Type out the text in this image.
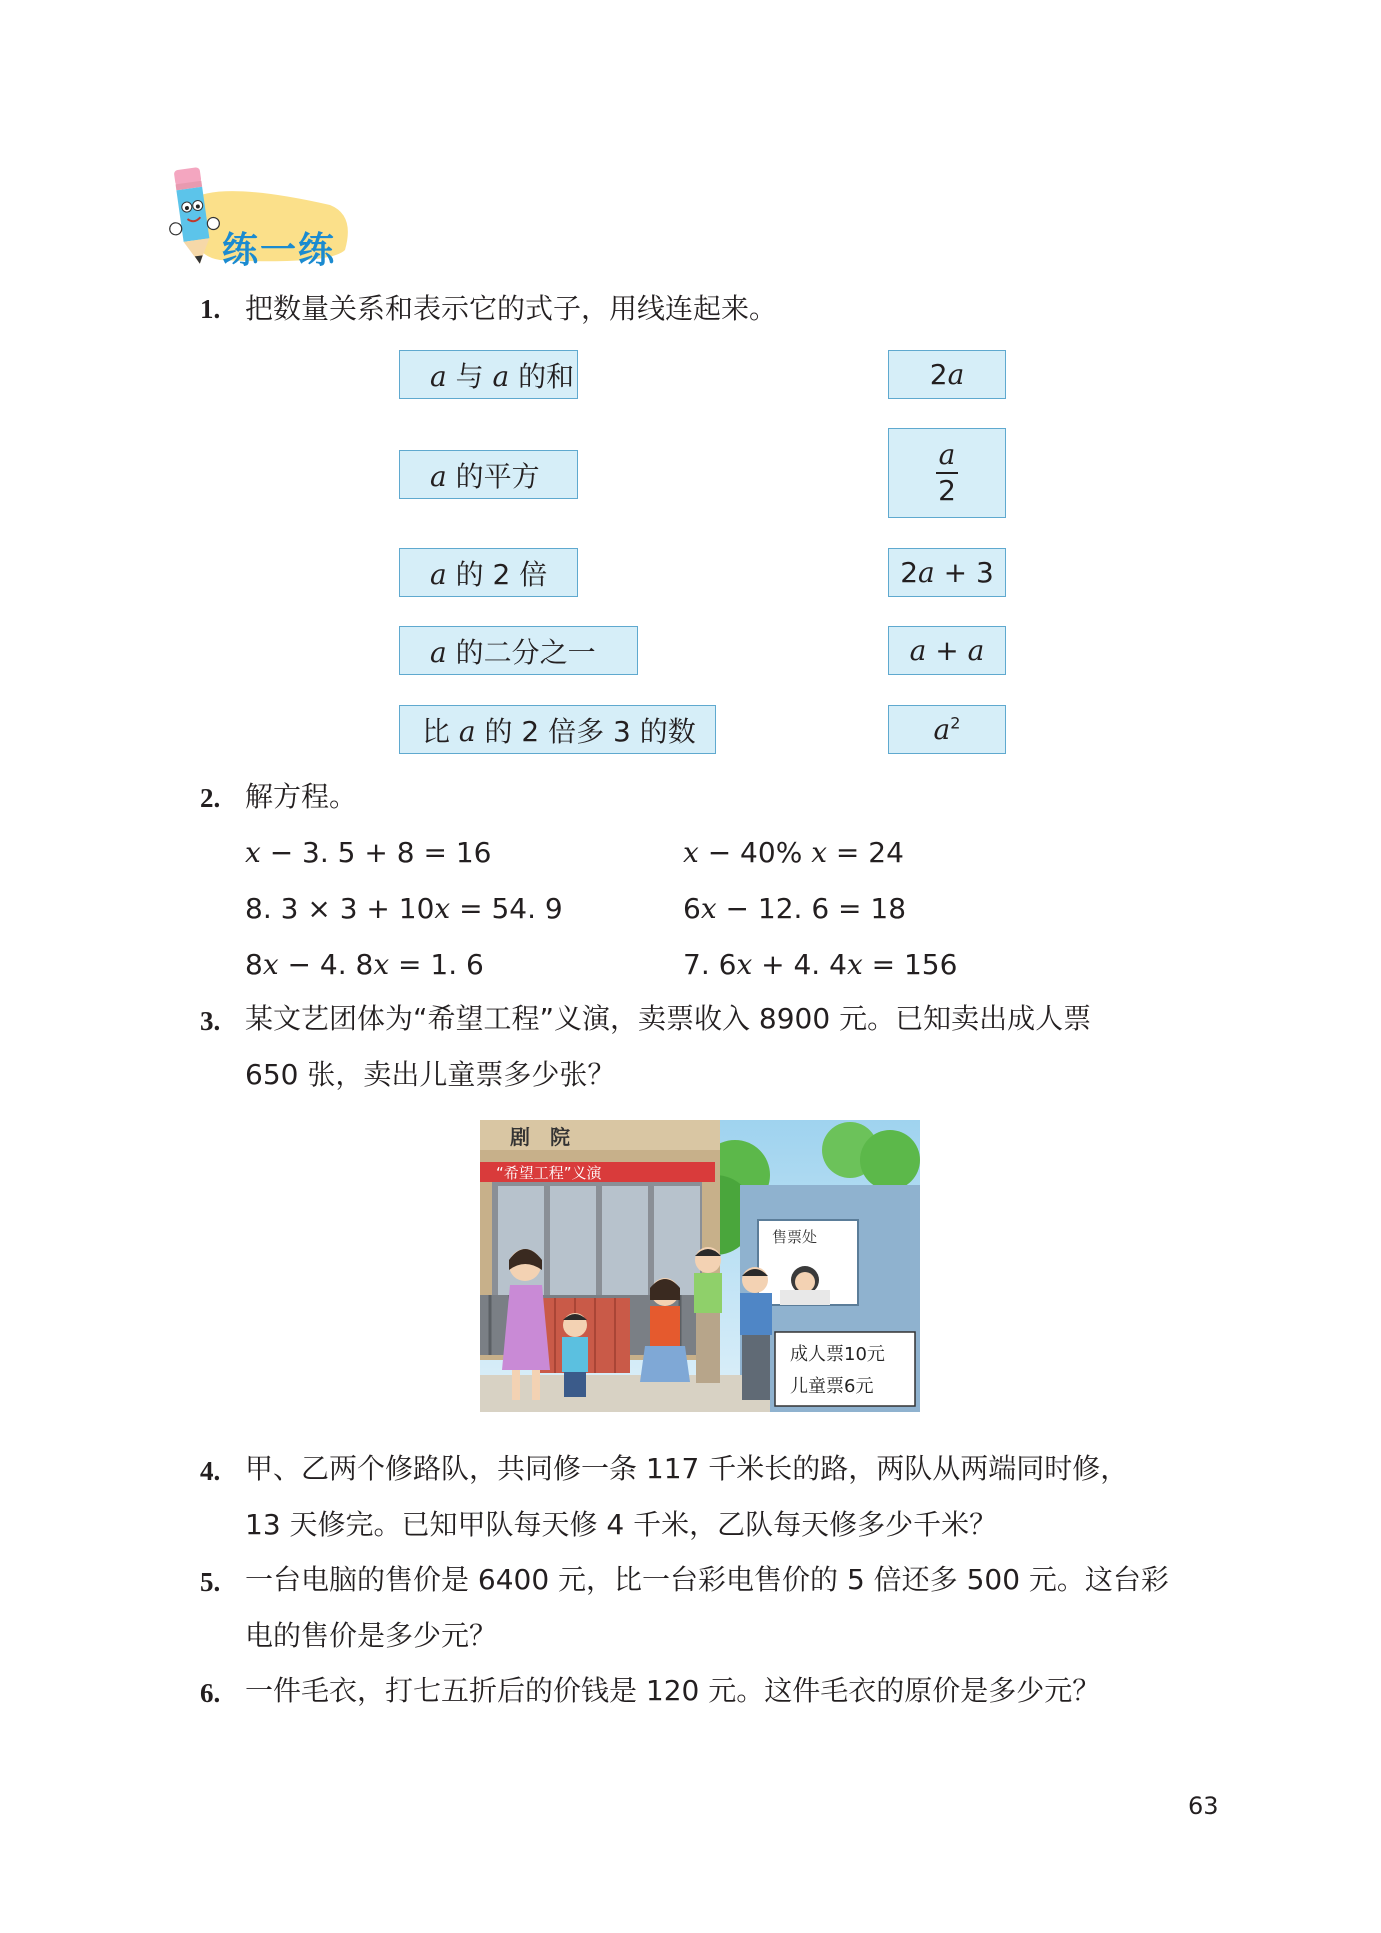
练一练
1. 把数量关系和表示它的式子，用线连起来。
a 与 a 的和
a 的平方
a 的 2 倍
a 的二分之一
比 a 的 2 倍多 3 的数
2a
$\frac{a}{2}$
2a + 3
a + a
$a^2$
2. 解方程。
x − 3. 5 + 8 = 16	x − 40% x = 24
8. 3 × 3 + 10x = 54. 9	6x − 12. 6 = 18
8x − 4. 8x = 1. 6	7. 6x + 4. 4x = 156
3. 某文艺团体为“希望工程”义演，卖票收入 8900 元。已知卖出成人票
650 张，卖出儿童票多少张？
“希望工程”义演
剧　院
售票处
成人票10元
儿童票6元
4. 甲、乙两个修路队，共同修一条 117 千米长的路，两队从两端同时修，
13 天修完。已知甲队每天修 4 千米，乙队每天修多少千米？
5. 一台电脑的售价是 6400 元，比一台彩电售价的 5 倍还多 500 元。这台彩
电的售价是多少元？
6. 一件毛衣，打七五折后的价钱是 120 元。这件毛衣的原价是多少元？
63
